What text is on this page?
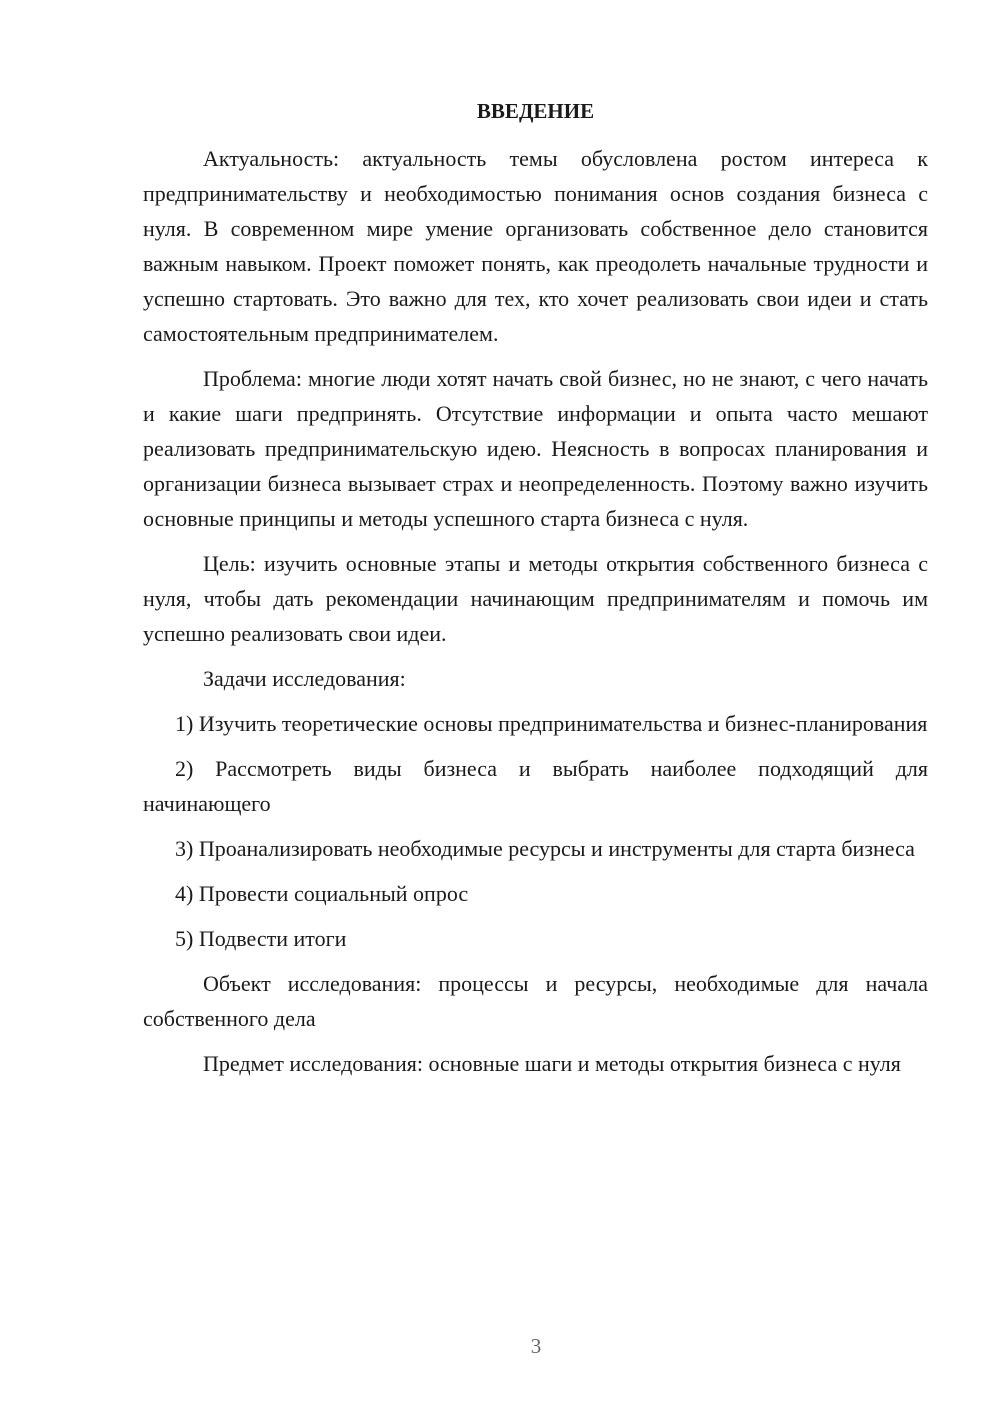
ВВЕДЕНИЕ

Актуальность: актуальность темы обусловлена ростом интереса к предпринимательству и необходимостью понимания основ создания бизнеса с нуля. В современном мире умение организовать собственное дело становится важным навыком. Проект поможет понять, как преодолеть начальные трудности и успешно стартовать. Это важно для тех, кто хочет реализовать свои идеи и стать самостоятельным предпринимателем.

Проблема: многие люди хотят начать свой бизнес, но не знают, с чего начать и какие шаги предпринять. Отсутствие информации и опыта часто мешают реализовать предпринимательскую идею. Неясность в вопросах планирования и организации бизнеса вызывает страх и неопределенность. Поэтому важно изучить основные принципы и методы успешного старта бизнеса с нуля.

Цель: изучить основные этапы и методы открытия собственного бизнеса с нуля, чтобы дать рекомендации начинающим предпринимателям и помочь им успешно реализовать свои идеи.

Задачи исследования:

1) Изучить теоретические основы предпринимательства и бизнес-планирования

2) Рассмотреть виды бизнеса и выбрать наиболее подходящий для начинающего

3) Проанализировать необходимые ресурсы и инструменты для старта бизнеса

4) Провести социальный опрос

5) Подвести итоги

Объект исследования: процессы и ресурсы, необходимые для начала собственного дела

Предмет исследования: основные шаги и методы открытия бизнеса с нуля

3
